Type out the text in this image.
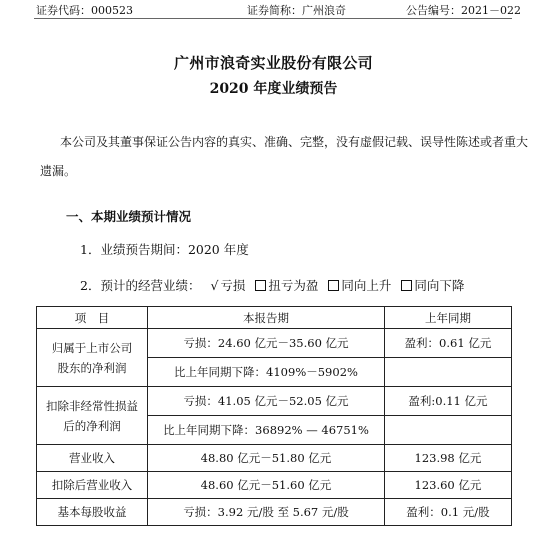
证券代码：000523	证券简称：广州浪奇	公告编号：2021－022
广州市浪奇实业股份有限公司
2020 年度业绩预告
本公司及其董事保证公告内容的真实、准确、完整，没有虚假记载、误导性陈述或者重大
遗漏。
一、本期业绩预计情况
1．业绩预告期间：2020 年度
2．预计的经营业绩： √ 亏损 扭亏为盈 同向上升 同向下降
项　目	本报告期	上年同期

归属于上市公司
股东的净利润	亏损：24.60 亿元－35.60 亿元	盈利：0.61 亿元
	比上年同期下降：4109%－5902%	

扣除非经常性损益
后的净利润	亏损：41.05 亿元－52.05 亿元	盈利:0.11 亿元
	比上年同期下降：36892% — 46751%	
营业收入	48.80 亿元－51.80 亿元	123.98 亿元
扣除后营业收入	48.60 亿元－51.60 亿元	123.60 亿元
基本每股收益	亏损：3.92 元/股 至 5.67 元/股	盈利：0.1 元/股
